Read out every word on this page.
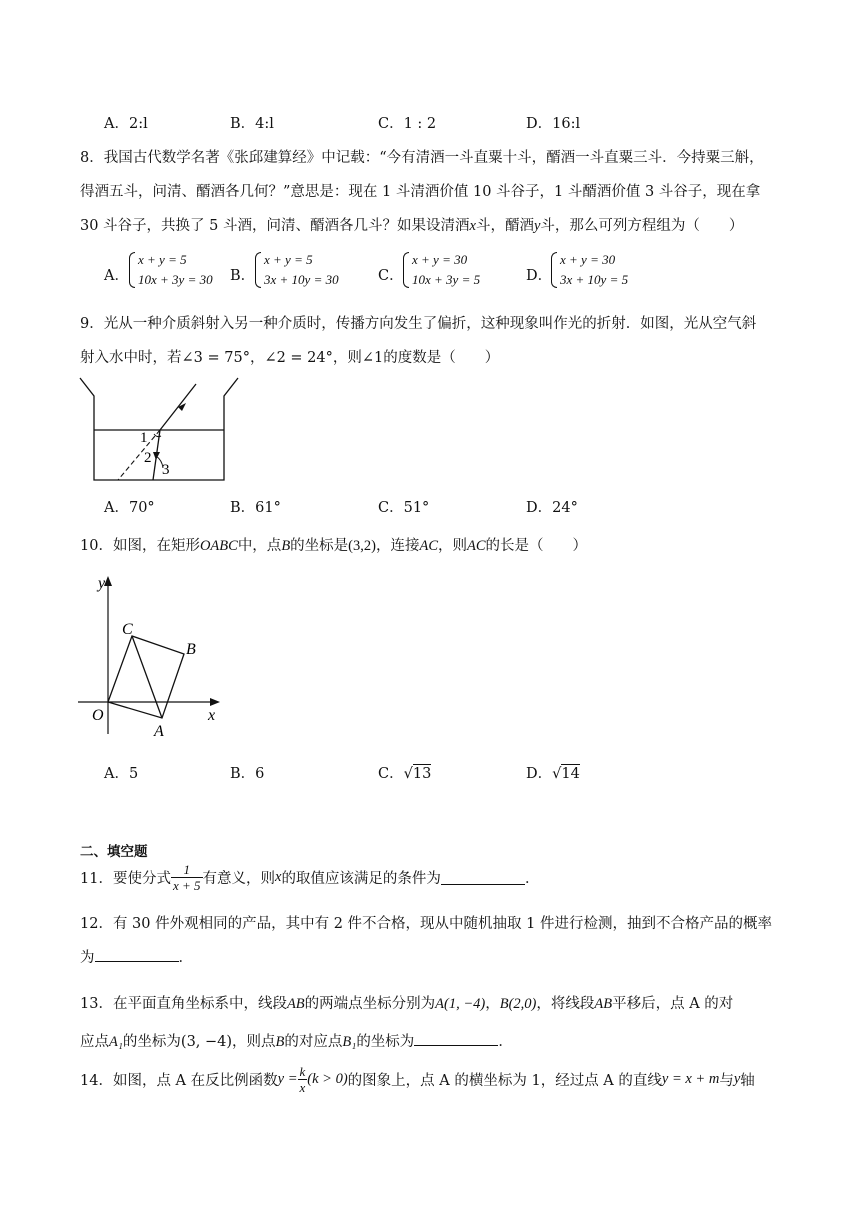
A．2:l	B．4:l	C．1 : 2	D．16:l
8．我国古代数学名著《张邱建算经》中记载：“今有清酒一斗直粟十斗，醑酒一斗直粟三斗．今持粟三斛，
得酒五斗，问清、醑酒各几何？”意思是：现在 1 斗清酒价值 10 斗谷子，1 斗醑酒价值 3 斗谷子，现在拿
30 斗谷子，共换了 5 斗酒，问清、醑酒各几斗？如果设清酒x斗，醑酒y斗，那么可列方程组为（　　）
A．
x + y = 5
10x + 3y = 30 B．
x + y = 5
3x + 10y = 30	C．
x + y = 30
10x + 3y = 5	D．
x + y = 30
3x + 10y = 5
9．光从一种介质斜射入另一种介质时，传播方向发生了偏折，这种现象叫作光的折射．如图，光从空气斜
射入水中时，若∠3 = 75°，∠2 = 24°，则∠1的度数是（　　）
1
2
3
A．70°	B．61°	C．51°	D．24°
10．如图，在矩形OABC中，点B的坐标是(3,2)，连接AC，则AC的长是（　　）
y
x
O
A
B
C
A．5	B．6	C．√13	D．√14
二、填空题
11．要使分式 $\frac{1}{x + 5}$ 有意义，则x的取值应该满足的条件为	．
12．有 30 件外观相同的产品，其中有 2 件不合格，现从中随机抽取 1 件进行检测，抽到不合格产品的概率
为	．
13．在平面直角坐标系中，线段AB的两端点坐标分别为A(1, −4)，B(2,0)，将线段AB平移后，点 A 的对
应点A₁的坐标为(3, −4)，则点B的对应点B₁的坐标为	．
14．如图，点 A 在反比例函数$y = \frac{k}{x} (k > 0)$的图象上，点 A 的横坐标为 1，经过点 A 的直线y = x + m与y轴
